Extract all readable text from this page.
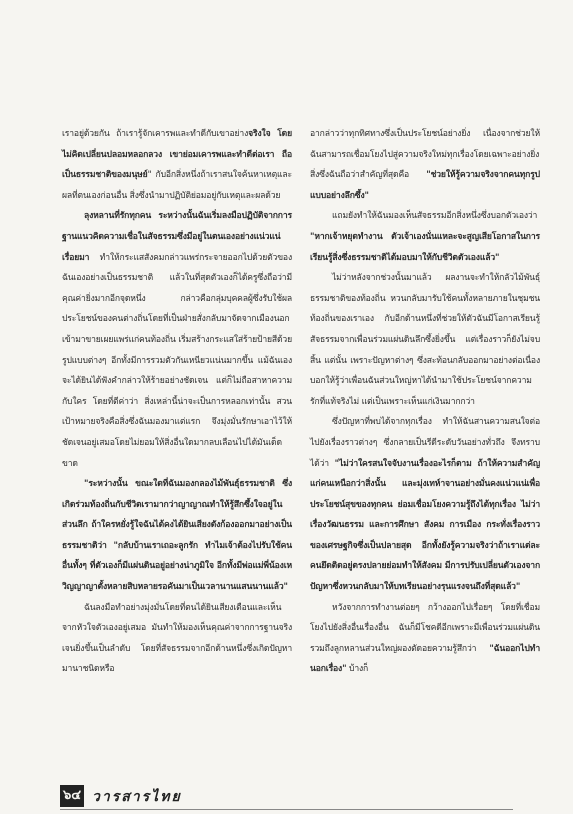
เราอยู่ด้วยกัน ถ้าเรารู้จักเคารพและทำดีกับเขาอย่างจริงใจ โดยไม่คิดเปลี่ยนปลอมหลอกลวง เขาย่อมเคารพและทำดีต่อเรา ถือเป็นธรรมชาติของมนุษย์" กับอีกสิ่งหนึ่งถ้าเราสนใจค้นหาเหตุและผลที่ตนเองก่อนอื่น สิ่งซึ่งนำมาปฏิบัติย่อมอยู่กับเหตุและผลด้วย

ลุงหลานที่รักทุกคน ระหว่างนั้นฉันเริ่มลงมือปฏิบัติจากการฐานแนวคิดความเชื่อในสัจธรรมซึ่งมีอยู่ในตนเองอย่างแน่วแน่เรื่อยมา ทำให้กระแสสังคมกล่าวแพร่กระจายออกไปด้วยตัวของฉันเองอย่างเป็นธรรมชาติ แล้วในที่สุดตัวเองก็ได้ครูซึ่งถือว่ามีคุณค่ายิ่งมากอีกจุดหนึ่ง กล่าวคือกลุ่มบุคคลผู้ซึ่งรับใช้ผลประโยชน์ของคนต่างถิ่นโดยที่เป็นฝ่ายสั่งกลับมาจัดจากเมืองนอกเข้ามาขายเผยแพร่แก่คนท้องถิ่น เริ่มสร้างกระแสใส่ร้ายป้ายสีด้วยรูปแบบต่างๆ อีกทั้งมีการรวมตัวกันเหนียวแน่นมากขึ้น แม้ฉันเองจะได้ยินได้ฟังคำกล่าวให้ร้ายอย่างชัดเจน แต่ก็ไม่ถือสาหาความกับใคร โดยที่ตีค่าว่า สิ่งเหล่านี้น่าจะเป็นการหลอกเท่านั้น สวนเป้าหมายจริงคือสิ่งซึ่งฉันมองมาแต่แรก จึงมุ่งมั่นรักษาเอาไว้ให้ชัดเจนอยู่เสมอโดยไม่ยอมให้สิ่งอื่นใดมากลบเลือนไปได้มันเด็ดขาด

"ระหว่างนั้น ขณะใดที่ฉันมองกลองไม้พันธุ์ธรรมชาติ ซึ่งเกิดร่วมท้องถิ่นกับชีวิตเรามากว่าญาญาณทำให้รู้สึกซึ้งใจอยู่ในส่วนลึก ถ้าใครหยั่งรู้ใจฉันได้คงได้ยินเสียงดังก้องออกมาอย่างเป็นธรรมชาติว่า "กลับบ้านเราเถอะลูกรัก ทำไมเจ้าต้องไปรับใช้คนอื่นทั้งๆ ที่ตัวเองก็มีแผ่นดินอยู่อย่างน่าภูมิใจ อีกทั้งมีพ่อแม่พี่น้องเหวิญญาญาตั้งหลายสิบหลายรอคันมาเป็นเวลานานแสนนานแล้ว"

ฉันลงมือทำอย่างมุ่งมั่นโดยที่ตนได้ยินเสียงเตือนและเห็นจากหัวใจตัวเองอยู่เสมอ มันทำให้มองเห็นคุณค่าจากการฐานจริงเจนยิ่งขึ้นเป็นลำดับ โดยที่สัจธรรมจากอีกด้านหนึ่งซึ่งเกิดปัญหามานาชนิดหรือ

อากล่าวว่าทุกทิศทางซึ่งเป็นประโยชน์อย่างยิ่ง เนื่องจากช่วยให้ฉันสามารถเชื่อมโยงไปสู่ความจริงใหม่ทุกเรื่องโดยเฉพาะอย่างยิ่งสิ่งซึ่งฉันถือว่าสำคัญที่สุดคือ "ช่วยให้รู้ความจริงจากคนทุกรูปแบบอย่างลึกซึ้ง"

แถมยังทำให้ฉันมองเห็นสัจธรรมอีกสิ่งหนึ่งซึ่งบอกตัวเองว่า "หากเจ้าหยุดทำงาน ตัวเจ้าเองนั่นแหละจะสูญเสียโอกาสในการเรียนรู้สิ่งซึ่งธรรมชาติได้มอบมาให้กับชีวิตตัวเองแล้ว"

ไม่ว่าหลังจากช่วงนั้นมาแล้ว ผลงานจะทำให้กลัวไม้พันธุ์ธรรมชาติของท้องถิ่น หวนกลับมารับใช้คนทั้งหลายภายในชุมชนท้องถิ่นของเราเอง กับอีกด้านหนึ่งที่ช่วยให้ตัวฉันมีโอกาสเรียนรู้สัจธรรมจากเพื่อนร่วมแผ่นดินลึกซึ้งยิ่งขึ้น แต่เรื่องราวก็ยังไม่จบสิ้น แต่นั้น เพราะปัญหาต่างๆ ซึ่งสะท้อนกลับออกมาอย่างต่อเนื่อง บอกให้รู้ว่าเพื่อนฉันส่วนใหญ่หาได้นำมาใช้ประโยชน์จากความรักที่แท้จริงไม่ แต่เป็นเพราะเห็นแก่เงินมากกว่า

ซึ่งปัญหาที่พบได้จากทุกเรื่อง ทำให้ฉันสานความสนใจต่อไปยังเรื่องราวต่างๆ ซึ่งกลายเป็นรีดีระดับวันอย่างทั่วถึง จึงทราบได้ว่า "ไม่ว่าใครสนใจจับงานเรื่องอะไรก็ตาม ถ้าให้ความสำคัญแก่คนเหนือกว่าสิ่งนั้น และมุ่งเทห์าจานอย่างมั่นคงแน่วแน่เพื่อประโยชน์สุขของทุกคน ย่อมเชื่อมโยงความรู้ถึงได้ทุกเรื่อง ไม่ว่าเรื่องวัฒนธรรม และการศึกษา สังคม การเมือง กระทั่งเรื่องราวของเศรษฐกิจซึ่งเป็นปลายสุด อีกทั้งยังรู้ความจริงว่าถ้าเราแต่ละคนยึดติดอยู่ตรงปลายย่อมทำให้สังคม มีการปรับเปลี่ยนตัวเองจากปัญหาซึ่งหวนกลับมาให้บทเรียนอย่างรุนแรงจนถึงที่สุดแล้ว"

หวังจากการทำงานต่อยๆ กว้างออกไปเรื่อยๆ โดยที่เชื่อมโยงไปยังสิ่งอื่นเรื่องอื่น ฉันก็มีโชคดีอีกเพราะมีเพื่อนร่วมแผ่นดินรวมถึงลูกหลานส่วนใหญ่ผองตัดอยความรู้สึกว่า "ฉันออกไปทำนอกเรื่อง" บ้างก็

๖๔ วารสารไทย
